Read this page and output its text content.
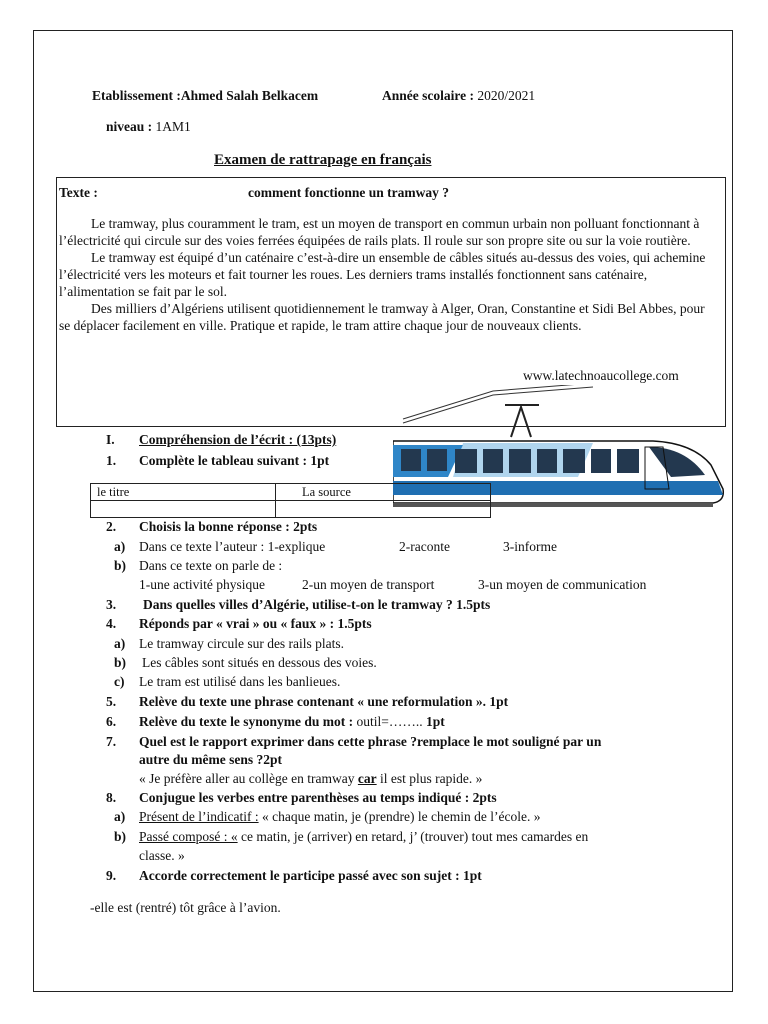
Etablissement :Ahmed Salah Belkacem	Année scolaire : 2020/2021
niveau : 1AM1
Examen de rattrapage en français
Texte :	comment fonctionne un tramway ?

Le tramway, plus couramment le tram, est un moyen de transport en commun urbain non polluant fonctionnant à l’électricité qui circule sur des voies ferrées équipées de rails plats. Il roule sur son propre site ou sur la voie routière.

Le tramway est équipé d’un caténaire c’est-à-dire un ensemble de câbles situés au-dessus des voies, qui achemine l’électricité vers les moteurs et fait tourner les roues. Les derniers trams installés fonctionnent sans caténaire, l’alimentation se fait par le sol.

Des milliers d’Algériens utilisent quotidiennement le tramway à Alger, Oran, Constantine et Sidi Bel Abbes, pour se déplacer facilement en ville. Pratique et rapide, le tram attire chaque jour de nouveaux clients.

www.latechnoaucollege.com
I. Compréhension de l’écrit : (13pts)
1. Complète le tableau suivant : 1pt
le titre	La source

2. Choisis la bonne réponse : 2pts
a) Dans ce texte l’auteur : 1-explique	2-raconte	3-informe
b) Dans ce texte on parle de :
1-une activité physique	2-un moyen de transport	3-un moyen de communication
3. Dans quelles villes d’Algérie, utilise-t-on le tramway ? 1.5pts
4. Réponds par « vrai » ou « faux » : 1.5pts
a) Le tramway circule sur des rails plats.
b) Les câbles sont situés en dessous des voies.
c) Le tram est utilisé dans les banlieues.
5. Relève du texte une phrase contenant « une reformulation ». 1pt
6. Relève du texte le synonyme du mot : outil=…….. 1pt
7. Quel est le rapport exprimer dans cette phrase ?remplace le mot souligné par un
autre du même sens ?2pt
« Je préfère aller au collège en tramway car il est plus rapide. »
8. Conjugue les verbes entre parenthèses au temps indiqué : 2pts
a) Présent de l’indicatif : « chaque matin, je (prendre) le chemin de l’école. »
b) Passé composé : « ce matin, je (arriver) en retard, j’ (trouver) tout mes camardes en
classe. »
9. Accorde correctement le participe passé avec son sujet : 1pt
-elle est (rentré) tôt grâce à l’avion.
